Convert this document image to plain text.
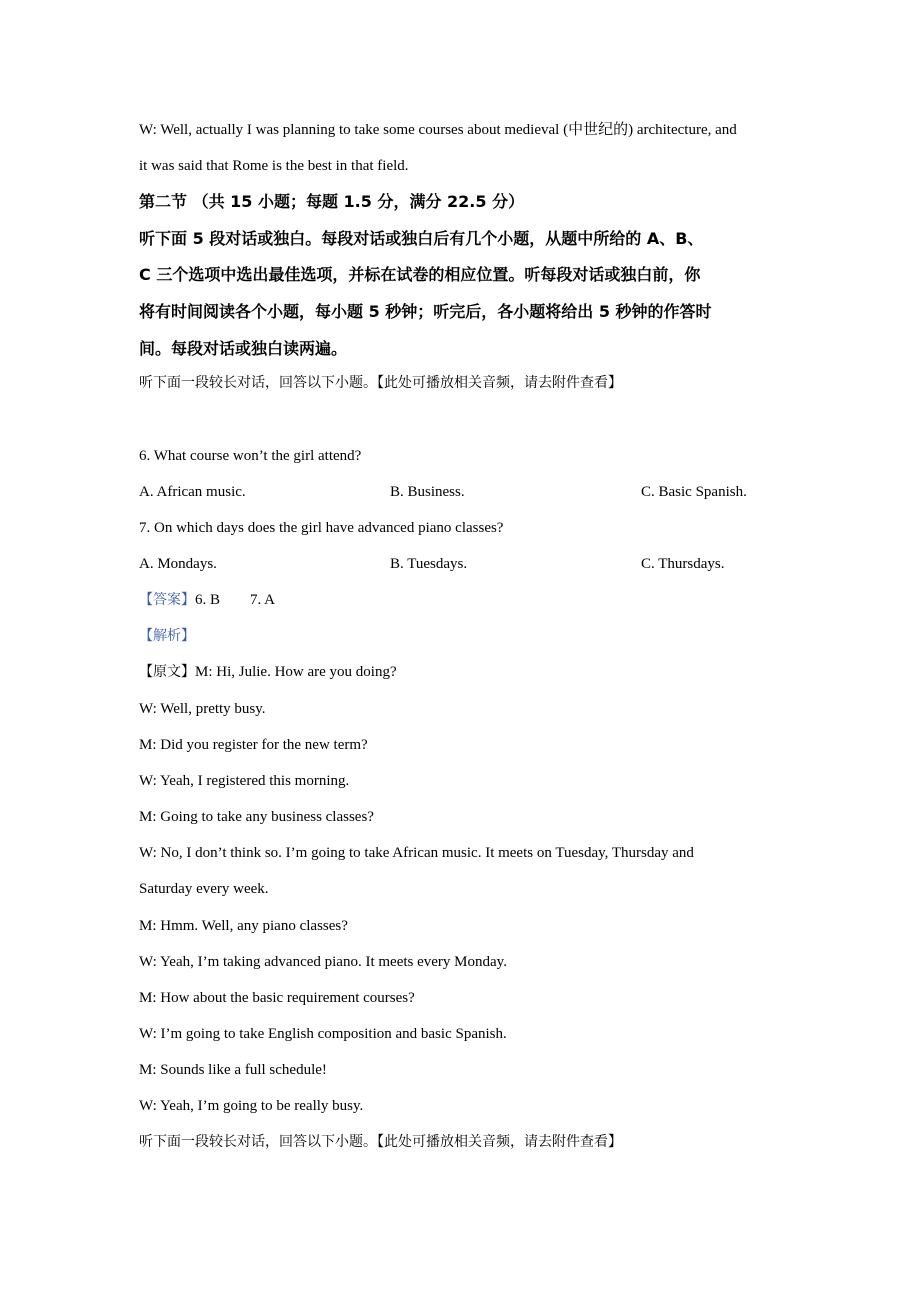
W: Well, actually I was planning to take some courses about medieval (中世纪的) architecture, and
it was said that Rome is the best in that field.
第二节 （共 15 小题；每题 1.5 分，满分 22.5 分）
听下面 5 段对话或独白。每段对话或独白后有几个小题，从题中所给的 A、B、
C 三个选项中选出最佳选项，并标在试卷的相应位置。听每段对话或独白前，你
将有时间阅读各个小题，每小题 5 秒钟；听完后，各小题将给出 5 秒钟的作答时
间。每段对话或独白读两遍。
听下面一段较长对话，回答以下小题。【此处可播放相关音频，请去附件查看】
6. What course won’t the girl attend?
A. African music.	B. Business.	C. Basic Spanish.
7. On which days does the girl have advanced piano classes?
A. Mondays.	B. Tuesdays.	C. Thursdays.
【答案】6. B        7. A
【解析】
【原文】M: Hi, Julie. How are you doing?
W: Well, pretty busy.
M: Did you register for the new term?
W: Yeah, I registered this morning.
M: Going to take any business classes?
W: No, I don’t think so. I’m going to take African music. It meets on Tuesday, Thursday and
Saturday every week.
M: Hmm. Well, any piano classes?
W: Yeah, I’m taking advanced piano. It meets every Monday.
M: How about the basic requirement courses?
W: I’m going to take English composition and basic Spanish.
M: Sounds like a full schedule!
W: Yeah, I’m going to be really busy.
听下面一段较长对话，回答以下小题。【此处可播放相关音频，请去附件查看】
